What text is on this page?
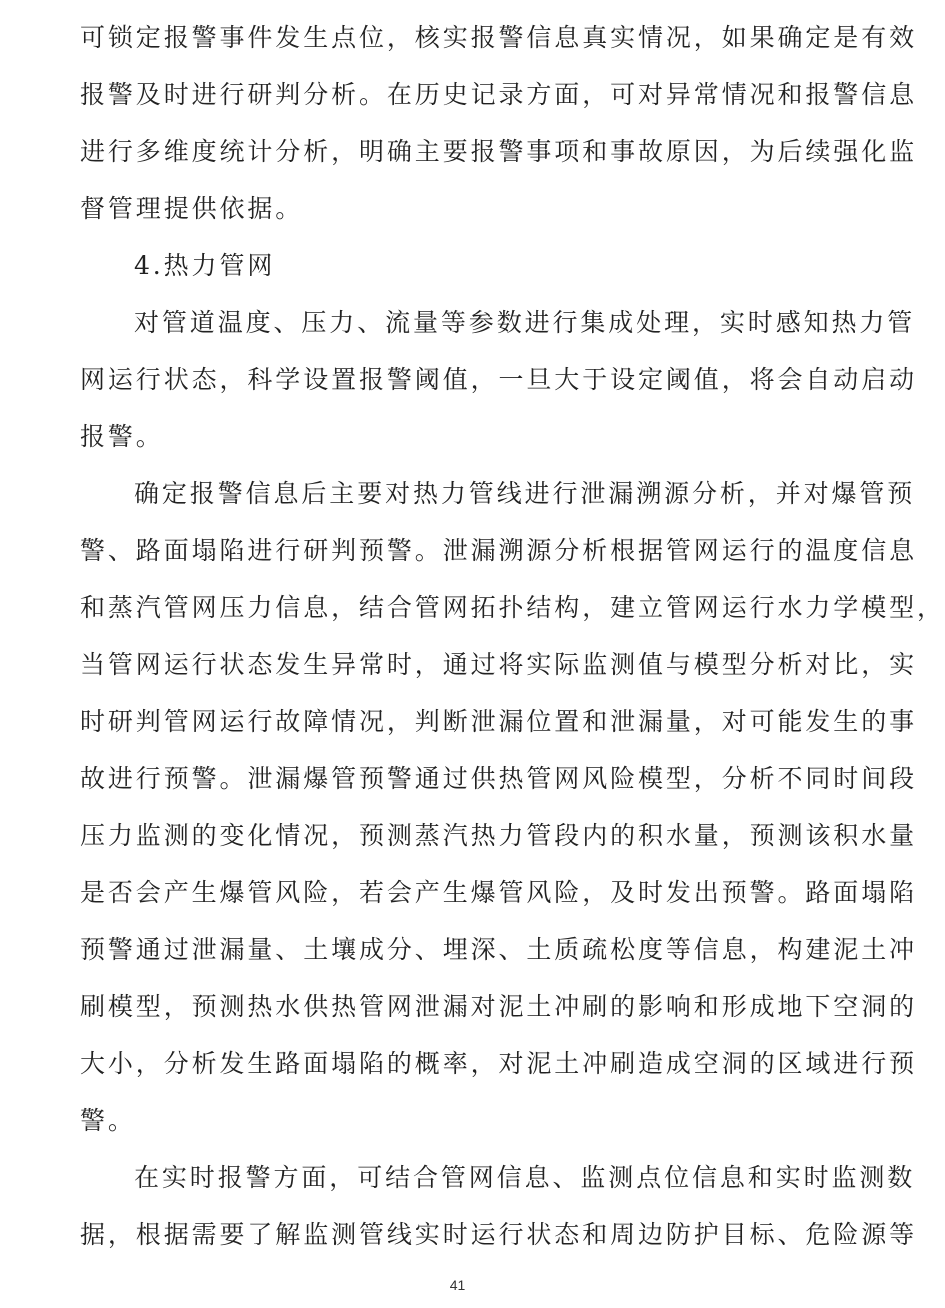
可锁定报警事件发生点位，核实报警信息真实情况，如果确定是有效
报警及时进行研判分析。在历史记录方面，可对异常情况和报警信息
进行多维度统计分析，明确主要报警事项和事故原因，为后续强化监
督管理提供依据。
4.热力管网
对管道温度、压力、流量等参数进行集成处理，实时感知热力管
网运行状态，科学设置报警阈值，一旦大于设定阈值，将会自动启动
报警。
确定报警信息后主要对热力管线进行泄漏溯源分析，并对爆管预
警、路面塌陷进行研判预警。泄漏溯源分析根据管网运行的温度信息
和蒸汽管网压力信息，结合管网拓扑结构，建立管网运行水力学模型，
当管网运行状态发生异常时，通过将实际监测值与模型分析对比，实
时研判管网运行故障情况，判断泄漏位置和泄漏量，对可能发生的事
故进行预警。泄漏爆管预警通过供热管网风险模型，分析不同时间段
压力监测的变化情况，预测蒸汽热力管段内的积水量，预测该积水量
是否会产生爆管风险，若会产生爆管风险，及时发出预警。路面塌陷
预警通过泄漏量、土壤成分、埋深、土质疏松度等信息，构建泥土冲
刷模型，预测热水供热管网泄漏对泥土冲刷的影响和形成地下空洞的
大小，分析发生路面塌陷的概率，对泥土冲刷造成空洞的区域进行预
警。
在实时报警方面，可结合管网信息、监测点位信息和实时监测数
据，根据需要了解监测管线实时运行状态和周边防护目标、危险源等
41
